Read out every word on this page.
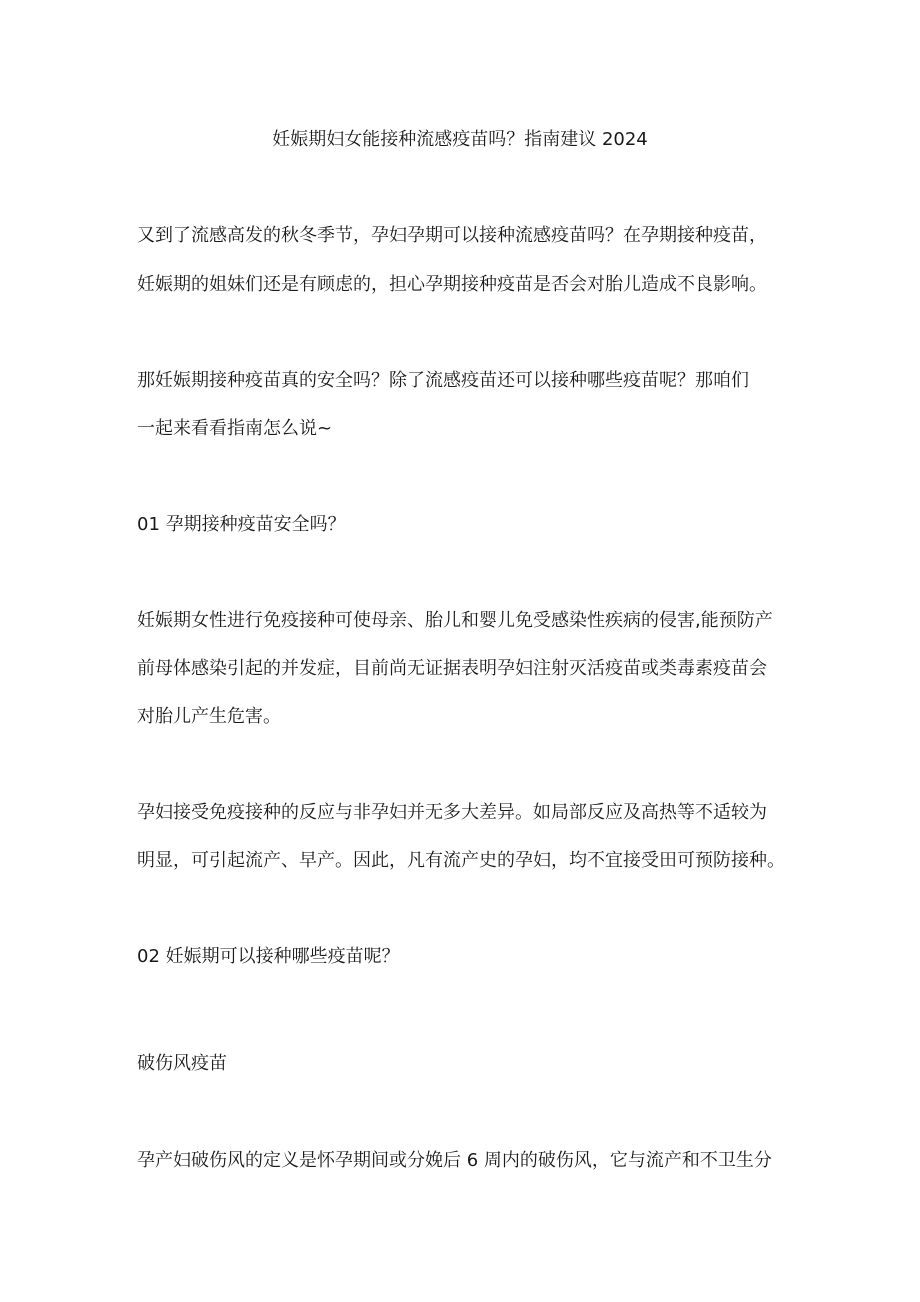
妊娠期妇女能接种流感疫苗吗？指南建议 2024
又到了流感高发的秋冬季节，孕妇孕期可以接种流感疫苗吗？在孕期接种疫苗，
妊娠期的姐妹们还是有顾虑的，担心孕期接种疫苗是否会对胎儿造成不良影响。
那妊娠期接种疫苗真的安全吗？除了流感疫苗还可以接种哪些疫苗呢？那咱们
一起来看看指南怎么说~
01 孕期接种疫苗安全吗？
妊娠期女性进行免疫接种可使母亲、胎儿和婴儿免受感染性疾病的侵害,能预防产
前母体感染引起的并发症，目前尚无证据表明孕妇注射灭活疫苗或类毒素疫苗会
对胎儿产生危害。
孕妇接受免疫接种的反应与非孕妇并无多大差异。如局部反应及高热等不适较为
明显，可引起流产、早产。因此，凡有流产史的孕妇，均不宜接受田可预防接种。
02 妊娠期可以接种哪些疫苗呢？
破伤风疫苗
孕产妇破伤风的定义是怀孕期间或分娩后 6 周内的破伤风，它与流产和不卫生分
